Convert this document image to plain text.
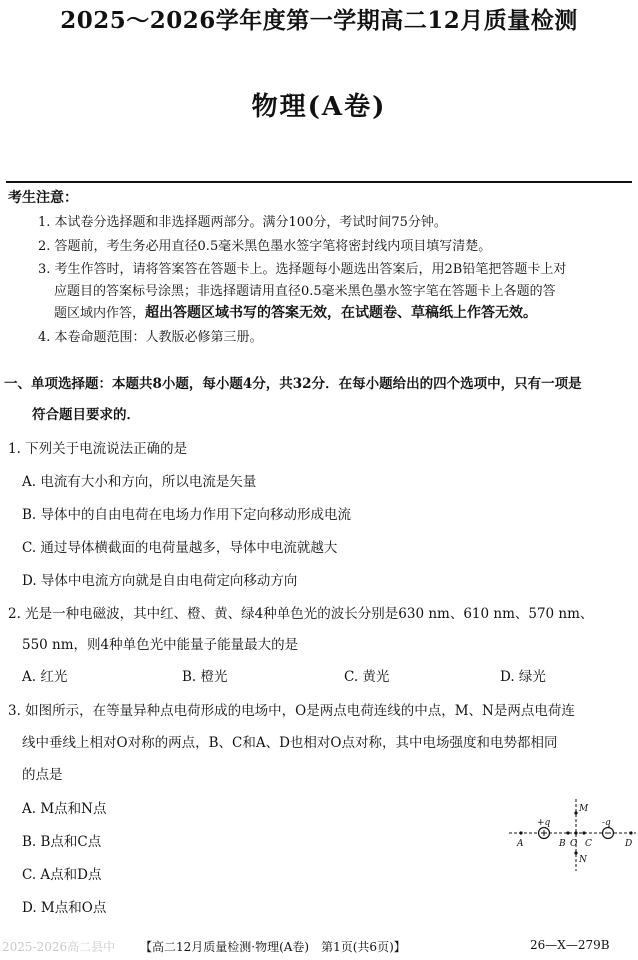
2025～2026学年度第一学期高二12月质量检测
物理(A卷)
考生注意：
1. 本试卷分选择题和非选择题两部分。满分100分，考试时间75分钟。
2. 答题前，考生务必用直径0.5毫米黑色墨水签字笔将密封线内项目填写清楚。
3. 考生作答时，请将答案答在答题卡上。选择题每小题选出答案后，用2B铅笔把答题卡上对
应题目的答案标号涂黑；非选择题请用直径0.5毫米黑色墨水签字笔在答题卡上各题的答
题区域内作答，超出答题区域书写的答案无效，在试题卷、草稿纸上作答无效。
4. 本卷命题范围：人教版必修第三册。
一、单项选择题：本题共8小题，每小题4分，共32分．在每小题给出的四个选项中，只有一项是
符合题目要求的．
1. 下列关于电流说法正确的是
A. 电流有大小和方向，所以电流是矢量
B. 导体中的自由电荷在电场力作用下定向移动形成电流
C. 通过导体横截面的电荷量越多，导体中电流就越大
D. 导体中电流方向就是自由电荷定向移动方向
2. 光是一种电磁波，其中红、橙、黄、绿4种单色光的波长分别是630 nm、610 nm、570 nm、
550 nm，则4种单色光中能量子能量最大的是
A. 红光	B. 橙光	C. 黄光	D. 绿光
3. 如图所示，在等量异种点电荷形成的电场中，O是两点电荷连线的中点，M、N是两点电荷连
线中垂线上相对O对称的两点，B、C和A、D也相对O点对称，其中电场强度和电势都相同
的点是
A. M点和N点
B. B点和C点
C. A点和D点
D. M点和O点
A
+q
B O C
-q
D
M
N
2025-2026高二县中 【高二12月质量检测·物理(A卷)　第1页(共6页)】	26—X—279B
